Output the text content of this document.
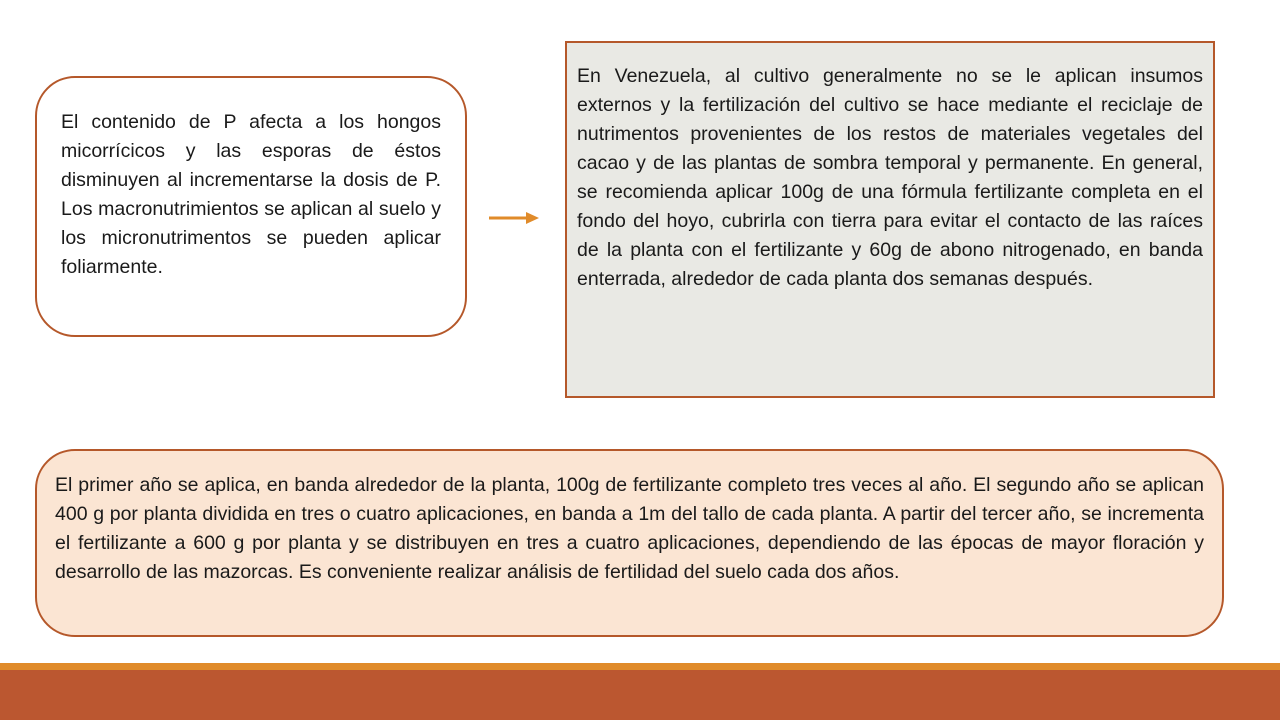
El contenido de P afecta a los hongos micorrícicos y las esporas de éstos disminuyen al incrementarse la dosis de P. Los macronutrimientos se aplican al suelo y los micronutrimentos se pueden aplicar foliarmente.

En Venezuela, al cultivo generalmente no se le aplican insumos externos y la fertilización del cultivo se hace mediante el reciclaje de nutrimentos provenientes de los restos de materiales vegetales del cacao y de las plantas de sombra temporal y permanente. En general, se recomienda aplicar 100g de una fórmula fertilizante completa en el fondo del hoyo, cubrirla con tierra para evitar el contacto de las raíces de la planta con el fertilizante y 60g de abono nitrogenado, en banda enterrada, alrededor de cada planta dos semanas después.

El primer año se aplica, en banda alrededor de la planta, 100g de fertilizante completo tres veces al año. El segundo año se aplican 400 g por planta dividida en tres o cuatro aplicaciones, en banda a 1m del tallo de cada planta. A partir del tercer año, se incrementa el fertilizante a 600 g por planta y se distribuyen en tres a cuatro aplicaciones, dependiendo de las épocas de mayor floración y desarrollo de las mazorcas. Es conveniente realizar análisis de fertilidad del suelo cada dos años.
